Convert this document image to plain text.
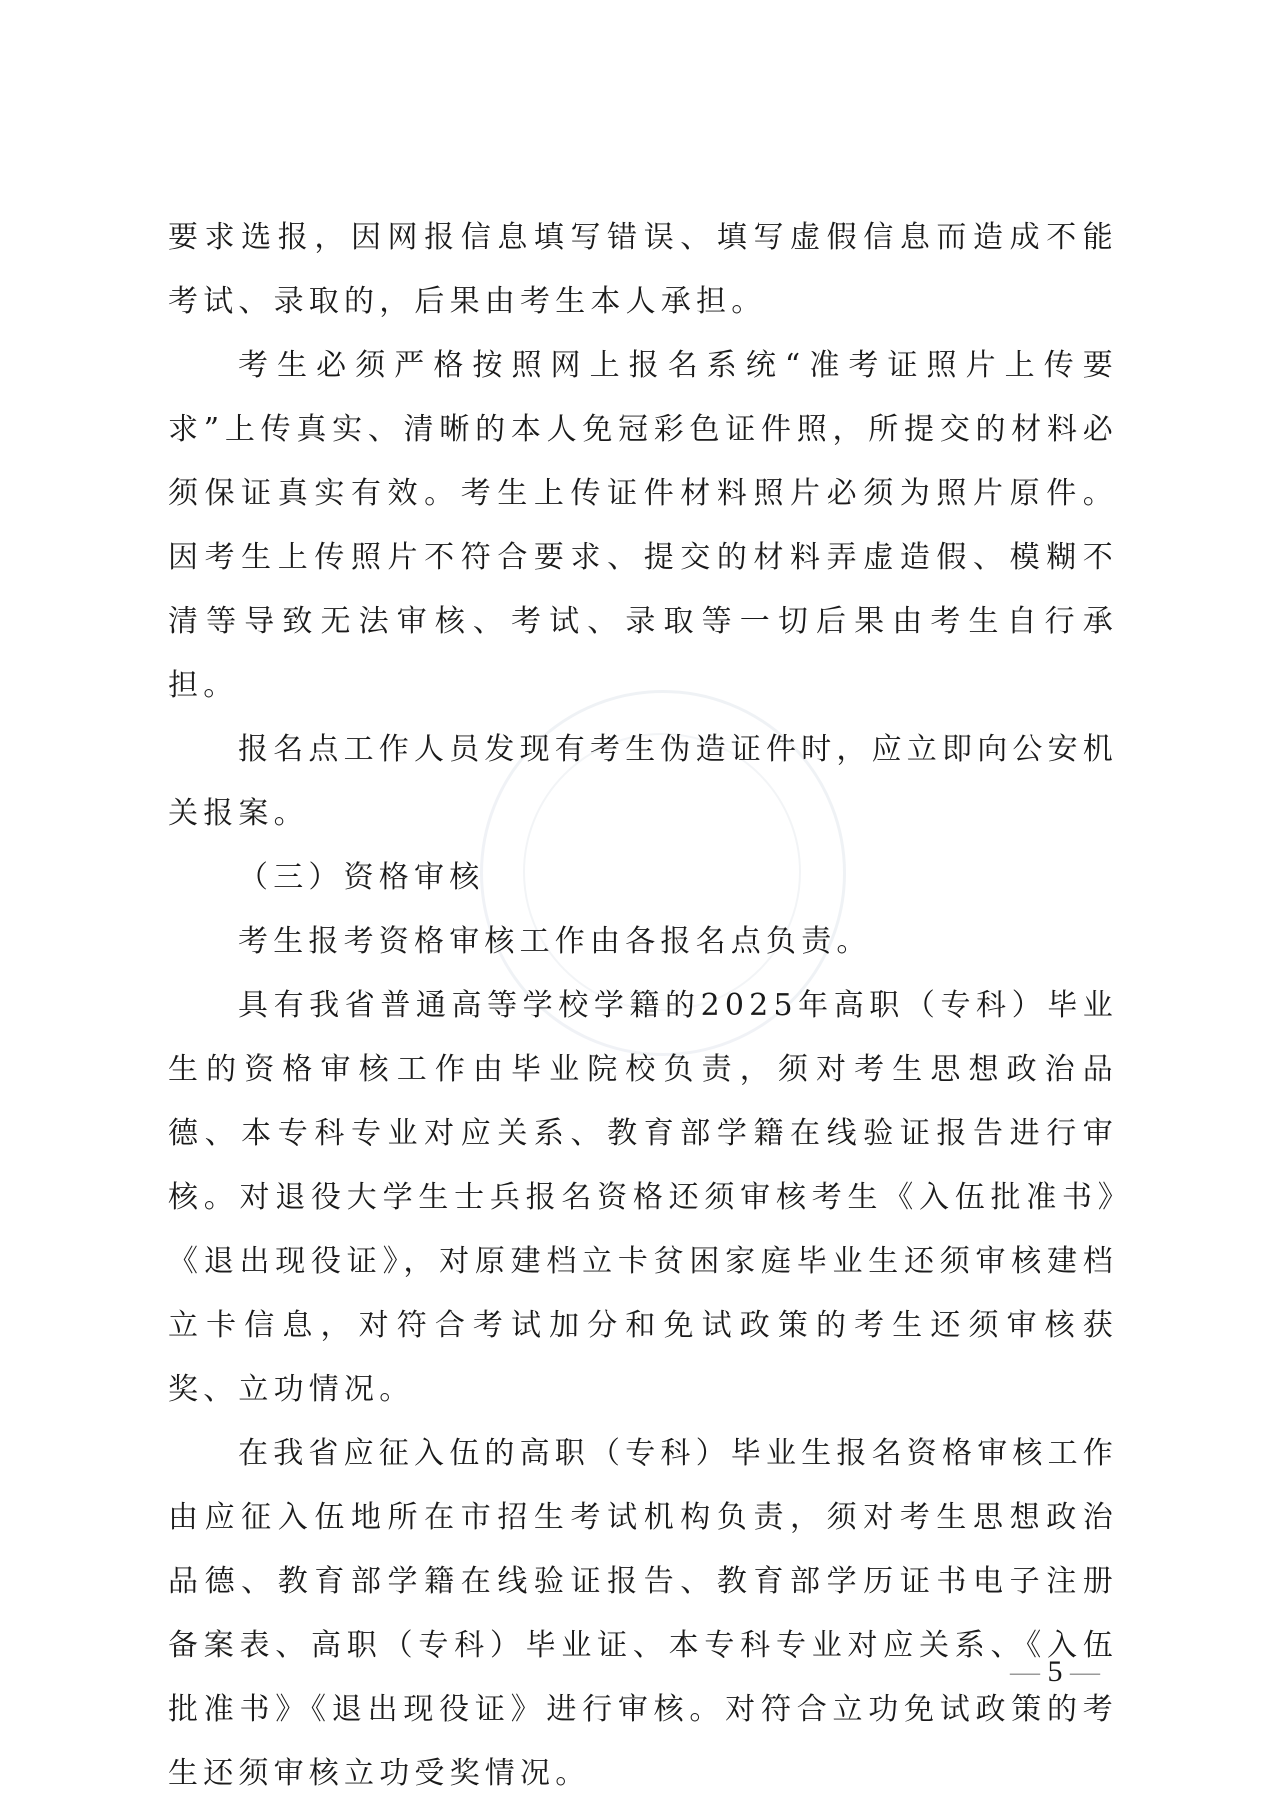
要求选报，因网报信息填写错误、填写虚假信息而造成不能考试、录取的，后果由考生本人承担。

考生必须严格按照网上报名系统“准考证照片上传要求”上传真实、清晰的本人免冠彩色证件照，所提交的材料必须保证真实有效。考生上传证件材料照片必须为照片原件。因考生上传照片不符合要求、提交的材料弄虚造假、模糊不清等导致无法审核、考试、录取等一切后果由考生自行承担。

报名点工作人员发现有考生伪造证件时，应立即向公安机关报案。

（三）资格审核

考生报考资格审核工作由各报名点负责。

具有我省普通高等学校学籍的2025年高职（专科）毕业生的资格审核工作由毕业院校负责，须对考生思想政治品德、本专科专业对应关系、教育部学籍在线验证报告进行审核。对退役大学生士兵报名资格还须审核考生《入伍批准书》《退出现役证》，对原建档立卡贫困家庭毕业生还须审核建档立卡信息，对符合考试加分和免试政策的考生还须审核获奖、立功情况。

在我省应征入伍的高职（专科）毕业生报名资格审核工作由应征入伍地所在市招生考试机构负责，须对考生思想政治品德、教育部学籍在线验证报告、教育部学历证书电子注册备案表、高职（专科）毕业证、本专科专业对应关系、《入伍批准书》《退出现役证》进行审核。对符合立功免试政策的考生还须审核立功受奖情况。

— 5 —
